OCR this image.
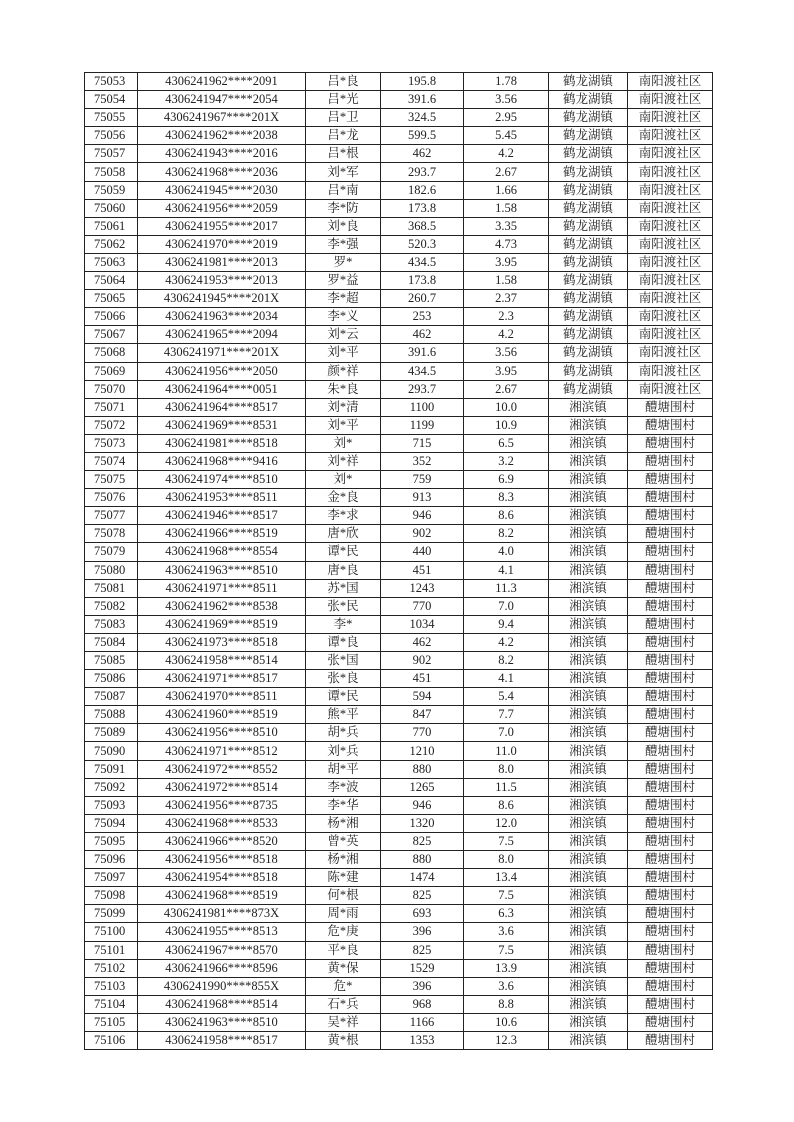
75053	4306241962****2091	吕*良	195.8	1.78	鹤龙湖镇	南阳渡社区
75054	4306241947****2054	吕*光	391.6	3.56	鹤龙湖镇	南阳渡社区
75055	4306241967****201X	吕*卫	324.5	2.95	鹤龙湖镇	南阳渡社区
75056	4306241962****2038	吕*龙	599.5	5.45	鹤龙湖镇	南阳渡社区
75057	4306241943****2016	吕*根	462	4.2	鹤龙湖镇	南阳渡社区
75058	4306241968****2036	刘*军	293.7	2.67	鹤龙湖镇	南阳渡社区
75059	4306241945****2030	吕*南	182.6	1.66	鹤龙湖镇	南阳渡社区
75060	4306241956****2059	李*防	173.8	1.58	鹤龙湖镇	南阳渡社区
75061	4306241955****2017	刘*良	368.5	3.35	鹤龙湖镇	南阳渡社区
75062	4306241970****2019	李*强	520.3	4.73	鹤龙湖镇	南阳渡社区
75063	4306241981****2013	罗*	434.5	3.95	鹤龙湖镇	南阳渡社区
75064	4306241953****2013	罗*益	173.8	1.58	鹤龙湖镇	南阳渡社区
75065	4306241945****201X	李*超	260.7	2.37	鹤龙湖镇	南阳渡社区
75066	4306241963****2034	李*义	253	2.3	鹤龙湖镇	南阳渡社区
75067	4306241965****2094	刘*云	462	4.2	鹤龙湖镇	南阳渡社区
75068	4306241971****201X	刘*平	391.6	3.56	鹤龙湖镇	南阳渡社区
75069	4306241956****2050	颜*祥	434.5	3.95	鹤龙湖镇	南阳渡社区
75070	4306241964****0051	朱*良	293.7	2.67	鹤龙湖镇	南阳渡社区
75071	4306241964****8517	刘*清	1100	10.0	湘滨镇	醴塘围村
75072	4306241969****8531	刘*平	1199	10.9	湘滨镇	醴塘围村
75073	4306241981****8518	刘*	715	6.5	湘滨镇	醴塘围村
75074	4306241968****9416	刘*祥	352	3.2	湘滨镇	醴塘围村
75075	4306241974****8510	刘*	759	6.9	湘滨镇	醴塘围村
75076	4306241953****8511	金*良	913	8.3	湘滨镇	醴塘围村
75077	4306241946****8517	李*求	946	8.6	湘滨镇	醴塘围村
75078	4306241966****8519	唐*欣	902	8.2	湘滨镇	醴塘围村
75079	4306241968****8554	谭*民	440	4.0	湘滨镇	醴塘围村
75080	4306241963****8510	唐*良	451	4.1	湘滨镇	醴塘围村
75081	4306241971****8511	苏*国	1243	11.3	湘滨镇	醴塘围村
75082	4306241962****8538	张*民	770	7.0	湘滨镇	醴塘围村
75083	4306241969****8519	李*	1034	9.4	湘滨镇	醴塘围村
75084	4306241973****8518	谭*良	462	4.2	湘滨镇	醴塘围村
75085	4306241958****8514	张*国	902	8.2	湘滨镇	醴塘围村
75086	4306241971****8517	张*良	451	4.1	湘滨镇	醴塘围村
75087	4306241970****8511	谭*民	594	5.4	湘滨镇	醴塘围村
75088	4306241960****8519	熊*平	847	7.7	湘滨镇	醴塘围村
75089	4306241956****8510	胡*兵	770	7.0	湘滨镇	醴塘围村
75090	4306241971****8512	刘*兵	1210	11.0	湘滨镇	醴塘围村
75091	4306241972****8552	胡*平	880	8.0	湘滨镇	醴塘围村
75092	4306241972****8514	李*波	1265	11.5	湘滨镇	醴塘围村
75093	4306241956****8735	李*华	946	8.6	湘滨镇	醴塘围村
75094	4306241968****8533	杨*湘	1320	12.0	湘滨镇	醴塘围村
75095	4306241966****8520	曾*英	825	7.5	湘滨镇	醴塘围村
75096	4306241956****8518	杨*湘	880	8.0	湘滨镇	醴塘围村
75097	4306241954****8518	陈*建	1474	13.4	湘滨镇	醴塘围村
75098	4306241968****8519	何*根	825	7.5	湘滨镇	醴塘围村
75099	4306241981****873X	周*雨	693	6.3	湘滨镇	醴塘围村
75100	4306241955****8513	危*庚	396	3.6	湘滨镇	醴塘围村
75101	4306241967****8570	平*良	825	7.5	湘滨镇	醴塘围村
75102	4306241966****8596	黄*保	1529	13.9	湘滨镇	醴塘围村
75103	4306241990****855X	危*	396	3.6	湘滨镇	醴塘围村
75104	4306241968****8514	石*兵	968	8.8	湘滨镇	醴塘围村
75105	4306241963****8510	吴*祥	1166	10.6	湘滨镇	醴塘围村
75106	4306241958****8517	黄*根	1353	12.3	湘滨镇	醴塘围村
